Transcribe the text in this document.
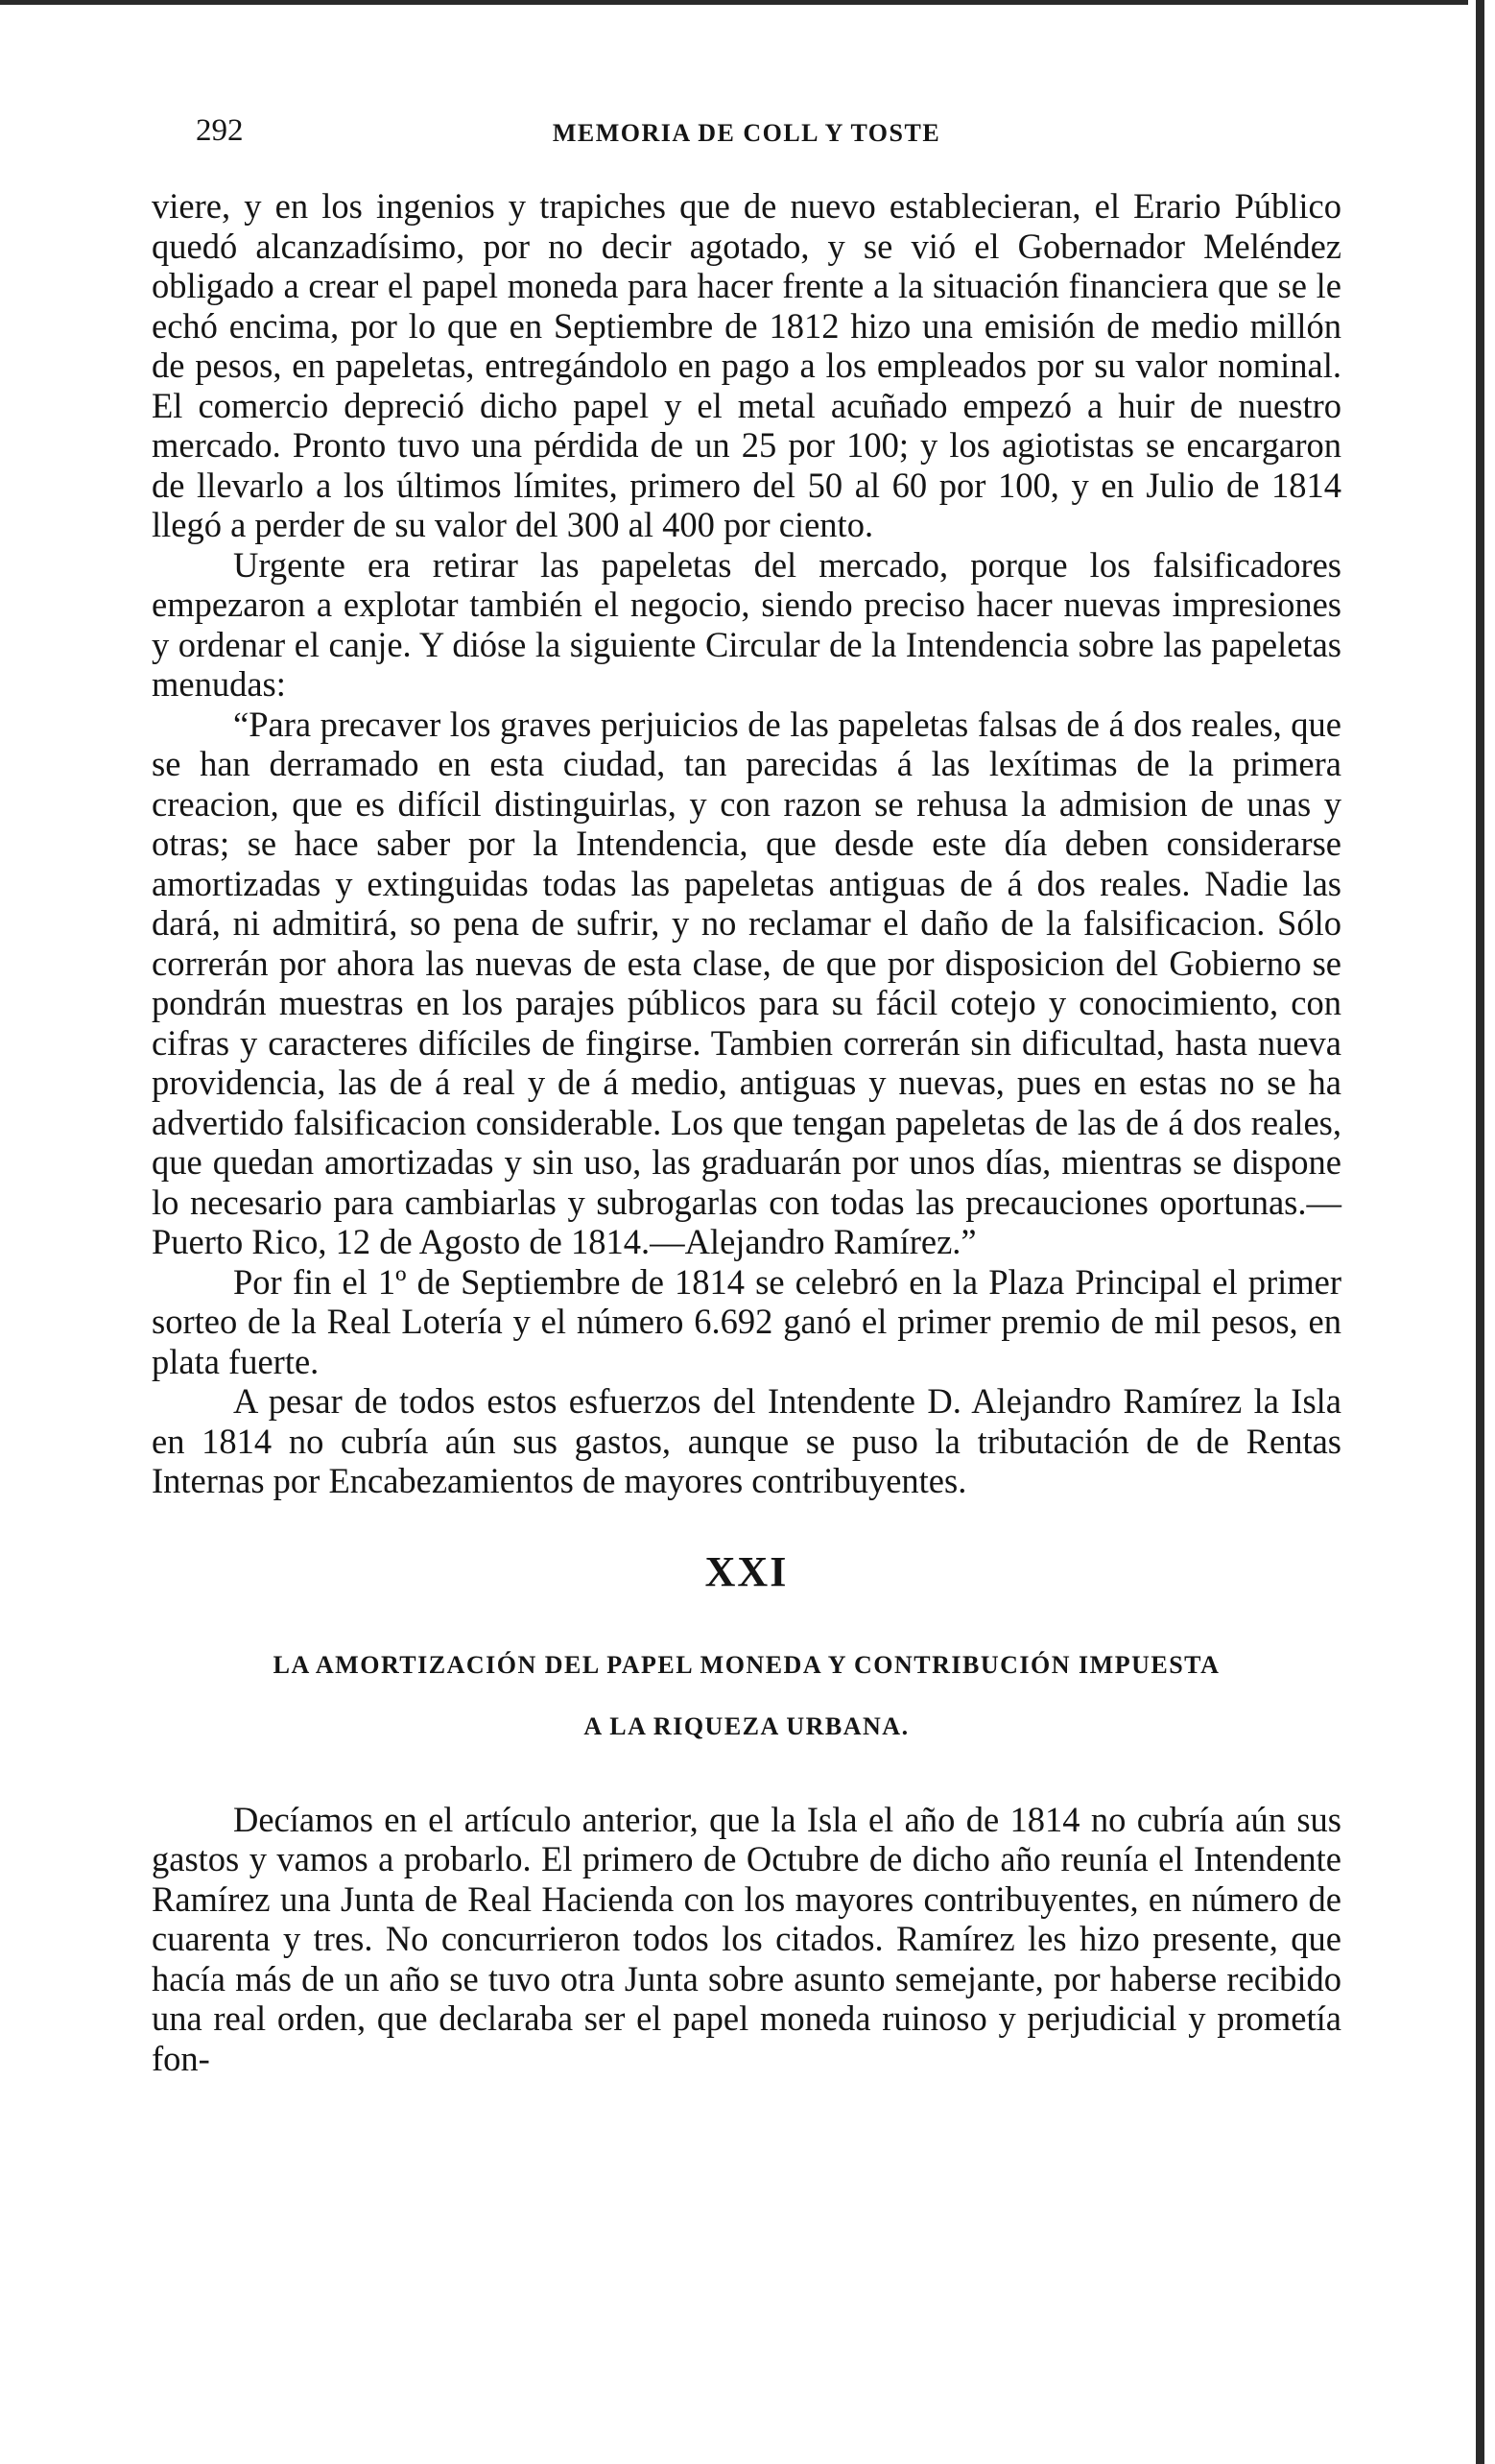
292	MEMORIA DE COLL Y TOSTE

viere, y en los ingenios y trapiches que de nuevo establecieran, el Erario Público quedó alcanzadísimo, por no decir agotado, y se vió el Gobernador Meléndez obligado a crear el papel moneda para hacer frente a la situación financiera que se le echó encima, por lo que en Septiembre de 1812 hizo una emisión de medio millón de pesos, en papeletas, entregándolo en pago a los empleados por su valor nominal. El comercio depreció dicho papel y el metal acuñado empezó a huir de nuestro mercado. Pronto tuvo una pérdida de un 25 por 100; y los agiotistas se encargaron de llevarlo a los últimos límites, primero del 50 al 60 por 100, y en Julio de 1814 llegó a perder de su valor del 300 al 400 por ciento.

Urgente era retirar las papeletas del mercado, porque los falsificadores empezaron a explotar también el negocio, siendo preciso hacer nuevas impresiones y ordenar el canje. Y dióse la siguiente Circular de la Intendencia sobre las papeletas menudas:

“Para precaver los graves perjuicios de las papeletas falsas de á dos reales, que se han derramado en esta ciudad, tan parecidas á las lexítimas de la primera creacion, que es difícil distinguirlas, y con razon se rehusa la admision de unas y otras; se hace saber por la Intendencia, que desde este día deben considerarse amortizadas y extinguidas todas las papeletas antiguas de á dos reales. Nadie las dará, ni admitirá, so pena de sufrir, y no reclamar el daño de la falsificacion. Sólo correrán por ahora las nuevas de esta clase, de que por disposicion del Gobierno se pondrán muestras en los parajes públicos para su fácil cotejo y conocimiento, con cifras y caracteres difíciles de fingirse. Tambien correrán sin dificultad, hasta nueva providencia, las de á real y de á medio, antiguas y nuevas, pues en estas no se ha advertido falsificacion considerable. Los que tengan papeletas de las de á dos reales, que quedan amortizadas y sin uso, las graduarán por unos días, mientras se dispone lo necesario para cambiarlas y subrogarlas con todas las precauciones oportunas.—Puerto Rico, 12 de Agosto de 1814.—Alejandro Ramírez.”

Por fin el 1º de Septiembre de 1814 se celebró en la Plaza Principal el primer sorteo de la Real Lotería y el número 6.692 ganó el primer premio de mil pesos, en plata fuerte.

A pesar de todos estos esfuerzos del Intendente D. Alejandro Ramírez la Isla en 1814 no cubría aún sus gastos, aunque se puso la tributación de de Rentas Internas por Encabezamientos de mayores contribuyentes.

XXI
LA AMORTIZACIÓN DEL PAPEL MONEDA Y CONTRIBUCIÓN IMPUESTA
A LA RIQUEZA URBANA.

Decíamos en el artículo anterior, que la Isla el año de 1814 no cubría aún sus gastos y vamos a probarlo. El primero de Octubre de dicho año reunía el Intendente Ramírez una Junta de Real Hacienda con los mayores contribuyentes, en número de cuarenta y tres. No concurrieron todos los citados. Ramírez les hizo presente, que hacía más de un año se tuvo otra Junta sobre asunto semejante, por haberse recibido una real orden, que declaraba ser el papel moneda ruinoso y perjudicial y prometía fon-
